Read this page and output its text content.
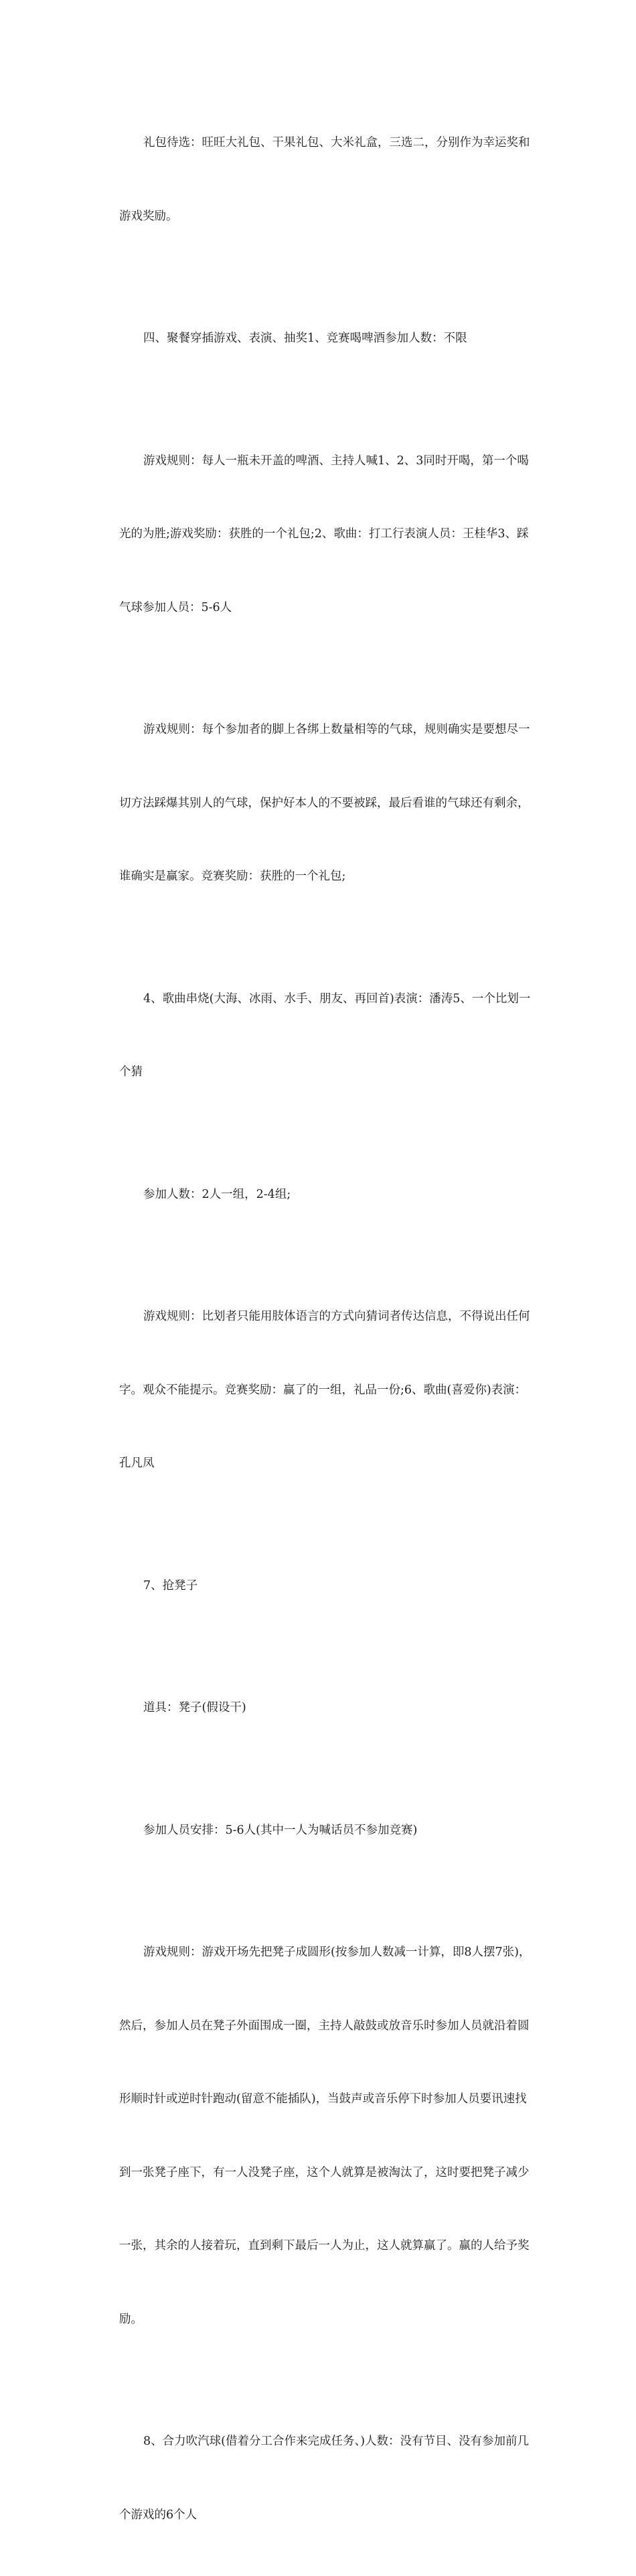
礼包待选：旺旺大礼包、干果礼包、大米礼盒，三选二，分别作为幸运奖和

游戏奖励。

四、聚餐穿插游戏、表演、抽奖1、竞赛喝啤酒参加人数：不限

游戏规则：每人一瓶未开盖的啤酒、主持人喊1、2、3同时开喝，第一个喝

光的为胜;游戏奖励：获胜的一个礼包;2、歌曲：打工行表演人员：王桂华3、踩

气球参加人员：5-6人

游戏规则：每个参加者的脚上各绑上数量相等的气球，规则确实是要想尽一

切方法踩爆其别人的气球，保护好本人的不要被踩，最后看谁的气球还有剩余，

谁确实是赢家。竞赛奖励：获胜的一个礼包;

4、歌曲串烧(大海、冰雨、水手、朋友、再回首)表演：潘涛5、一个比划一

个猜

参加人数：2人一组，2-4组;

游戏规则：比划者只能用肢体语言的方式向猜词者传达信息，不得说出任何

字。观众不能提示。竞赛奖励：赢了的一组，礼品一份;6、歌曲(喜爱你)表演：

孔凡凤

7、抢凳子

道具：凳子(假设干)

参加人员安排：5-6人(其中一人为喊话员不参加竞赛)

游戏规则：游戏开场先把凳子成圆形(按参加人数减一计算，即8人摆7张)，

然后，参加人员在凳子外面围成一圈，主持人敲鼓或放音乐时参加人员就沿着圆

形顺时针或逆时针跑动(留意不能插队)，当鼓声或音乐停下时参加人员要讯速找

到一张凳子座下，有一人没凳子座，这个人就算是被淘汰了，这时要把凳子减少

一张，其余的人接着玩，直到剩下最后一人为止，这人就算赢了。赢的人给予奖

励。

8、合力吹汽球(借着分工合作来完成任务、)人数：没有节目、没有参加前几

个游戏的6个人
